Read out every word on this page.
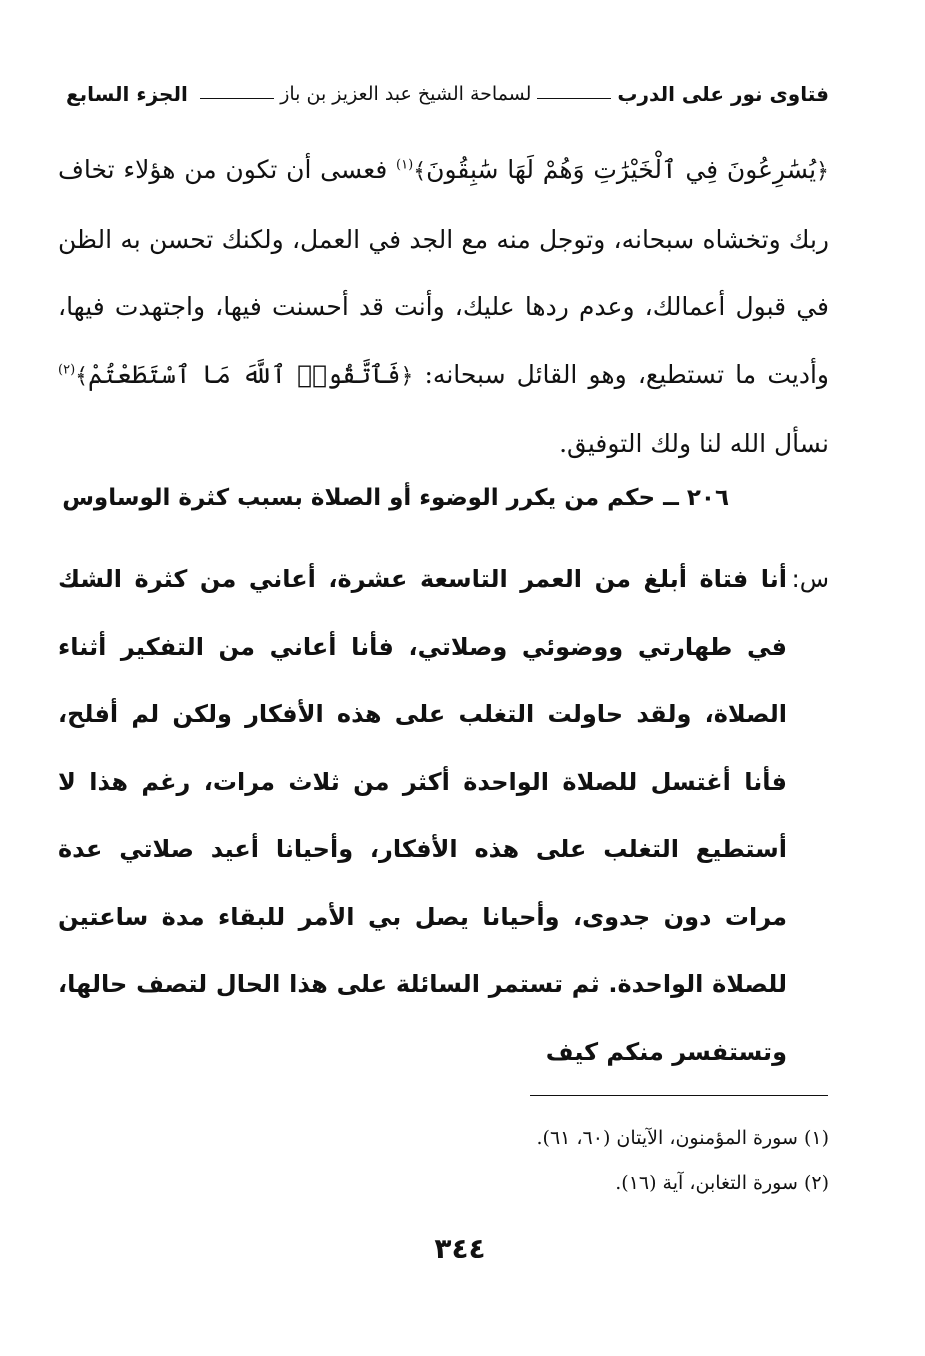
فتاوى نور على الدرب
لسماحة الشيخ عبد العزيز بن باز
الجزء السابع

﴿يُسَٰرِعُونَ فِي ٱلْخَيْرَٰتِ وَهُمْ لَهَا سَٰبِقُونَ﴾$^{(١)}$ فعسى أن تكون من هؤلاء تخاف ربك وتخشاه سبحانه، وتوجل منه مع الجد في العمل، ولكنك تحسن به الظن في قبول أعمالك، وعدم ردها عليك، وأنت قد أحسنت فيها، واجتهدت فيها، وأديت ما تستطيع، وهو القائل سبحانه: ﴿فَٱتَّقُوا۟ ٱللَّهَ مَا ٱسْتَطَعْتُمْ﴾$^{(٢)}$ نسأل الله لنا ولك التوفيق.

٢٠٦ ــ حكم من يكرر الوضوء أو الصلاة بسبب كثرة الوساوس
س:

أنا فتاة أبلغ من العمر التاسعة عشرة، أعاني من كثرة الشك في طهارتي ووضوئي وصلاتي، فأنا أعاني من التفكير أثناء الصلاة، ولقد حاولت التغلب على هذه الأفكار ولكن لم أفلح، فأنا أغتسل للصلاة الواحدة أكثر من ثلاث مرات، رغم هذا لا أستطيع التغلب على هذه الأفكار، وأحيانا أعيد صلاتي عدة مرات دون جدوى، وأحيانا يصل بي الأمر للبقاء مدة ساعتين للصلاة الواحدة. ثم تستمر السائلة على هذا الحال لتصف حالها، وتستفسر منكم كيف

(١) سورة المؤمنون، الآيتان (٦٠، ٦١).
(٢) سورة التغابن، آية (١٦).
٣٤٤
